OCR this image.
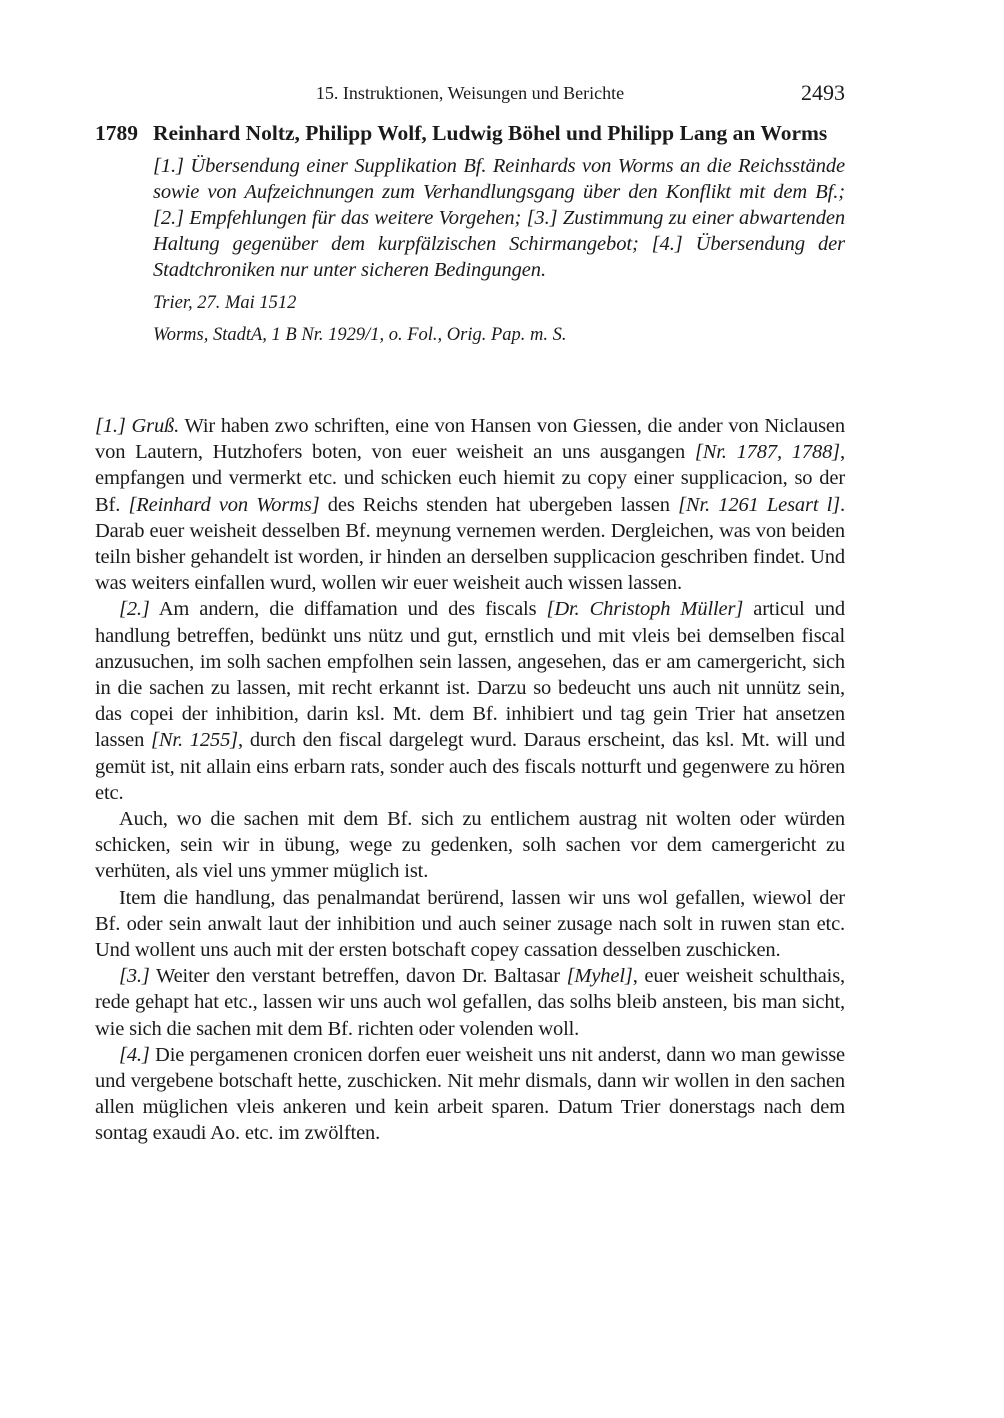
15. Instruktionen, Weisungen und Berichte	2493
1789 Reinhard Noltz, Philipp Wolf, Ludwig Böhel und Philipp Lang an Worms
[1.] Übersendung einer Supplikation Bf. Reinhards von Worms an die Reichsstände sowie von Aufzeichnungen zum Verhandlungsgang über den Konflikt mit dem Bf.; [2.] Empfehlungen für das weitere Vorgehen; [3.] Zustimmung zu einer abwartenden Haltung gegenüber dem kurpfälzischen Schirmangebot; [4.] Übersendung der Stadtchroniken nur unter sicheren Bedingungen.
Trier, 27. Mai 1512
Worms, StadtA, 1 B Nr. 1929/1, o. Fol., Orig. Pap. m. S.

[1.] Gruß. Wir haben zwo schriften, eine von Hansen von Giessen, die ander von Niclausen von Lautern, Hutzhofers boten, von euer weisheit an uns ausgangen [Nr. 1787, 1788], empfangen und vermerkt etc. und schicken euch hiemit zu copy einer supplicacion, so der Bf. [Reinhard von Worms] des Reichs stenden hat ubergeben lassen [Nr. 1261 Lesart l]. Darab euer weisheit desselben Bf. meynung vernemen werden. Dergleichen, was von beiden teiln bisher gehandelt ist worden, ir hinden an derselben supplicacion geschriben findet. Und was weiters einfallen wurd, wollen wir euer weisheit auch wissen lassen.

[2.] Am andern, die diffamation und des fiscals [Dr. Christoph Müller] articul und handlung betreffen, bedünkt uns nütz und gut, ernstlich und mit vleis bei demselben fiscal anzusuchen, im solh sachen empfolhen sein lassen, angesehen, das er am camergericht, sich in die sachen zu lassen, mit recht erkannt ist. Darzu so bedeucht uns auch nit unnütz sein, das copei der inhibition, darin ksl. Mt. dem Bf. inhibiert und tag gein Trier hat ansetzen lassen [Nr. 1255], durch den fiscal dargelegt wurd. Daraus erscheint, das ksl. Mt. will und gemüt ist, nit allain eins erbarn rats, sonder auch des fiscals notturft und gegenwere zu hören etc.

Auch, wo die sachen mit dem Bf. sich zu entlichem austrag nit wolten oder würden schicken, sein wir in übung, wege zu gedenken, solh sachen vor dem camergericht zu verhüten, als viel uns ymmer müglich ist.

Item die handlung, das penalmandat berürend, lassen wir uns wol gefallen, wiewol der Bf. oder sein anwalt laut der inhibition und auch seiner zusage nach solt in ruwen stan etc. Und wollent uns auch mit der ersten botschaft copey cassation desselben zuschicken.

[3.] Weiter den verstant betreffen, davon Dr. Baltasar [Myhel], euer weisheit schulthais, rede gehapt hat etc., lassen wir uns auch wol gefallen, das solhs bleib ansteen, bis man sicht, wie sich die sachen mit dem Bf. richten oder volenden woll.

[4.] Die pergamenen cronicen dorfen euer weisheit uns nit anderst, dann wo man gewisse und vergebene botschaft hette, zuschicken. Nit mehr dismals, dann wir wollen in den sachen allen müglichen vleis ankeren und kein arbeit sparen. Datum Trier donerstags nach dem sontag exaudi Ao. etc. im zwölften.
